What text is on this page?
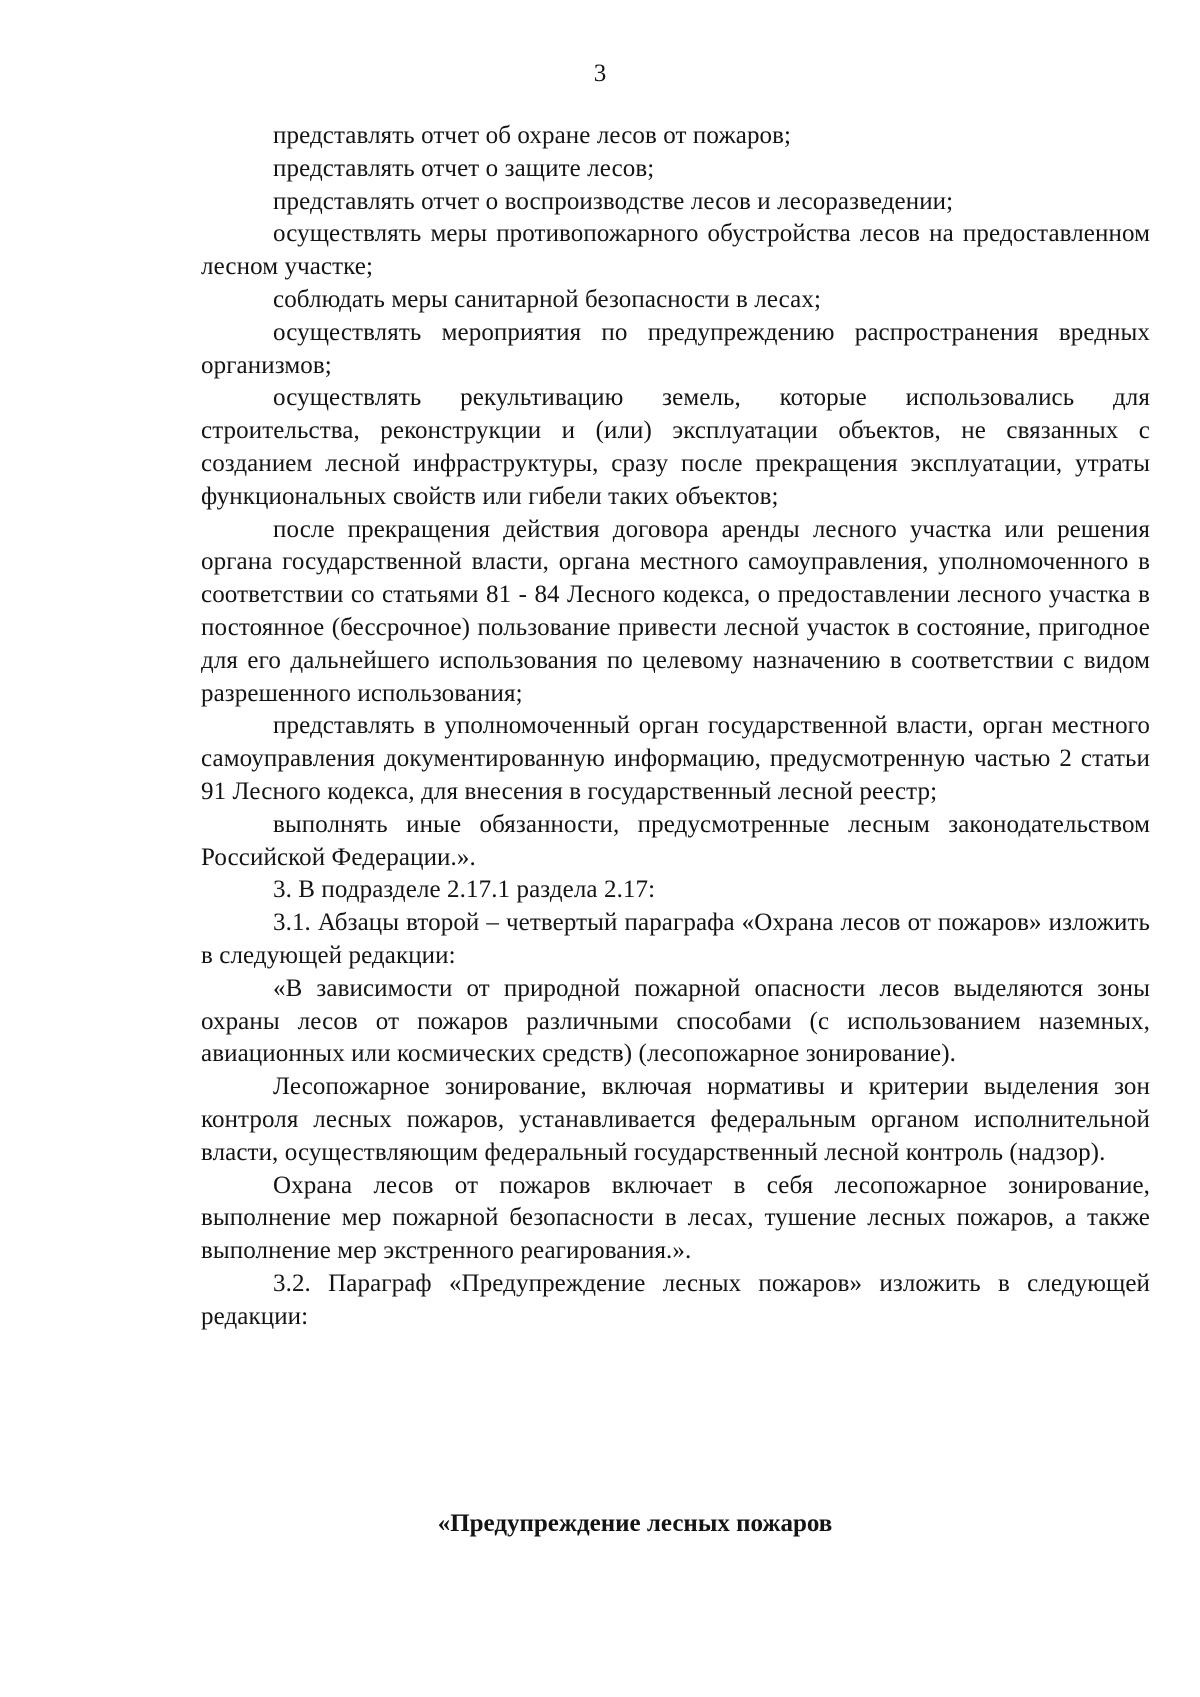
3

представлять отчет об охране лесов от пожаров;

представлять отчет о защите лесов;

представлять отчет о воспроизводстве лесов и лесоразведении;

осуществлять меры противопожарного обустройства лесов на предоставленном лесном участке;

соблюдать меры санитарной безопасности в лесах;

осуществлять мероприятия по предупреждению распространения вредных организмов;

осуществлять рекультивацию земель, которые использовались для строительства, реконструкции и (или) эксплуатации объектов, не связанных с созданием лесной инфраструктуры, сразу после прекращения эксплуатации, утраты функциональных свойств или гибели таких объектов;

после прекращения действия договора аренды лесного участка или решения органа государственной власти, органа местного самоуправления, уполномоченного в соответствии со статьями 81 - 84 Лесного кодекса, о предоставлении лесного участка в постоянное (бессрочное) пользование привести лесной участок в состояние, пригодное для его дальнейшего использования по целевому назначению в соответствии с видом разрешенного использования;

представлять в уполномоченный орган государственной власти, орган местного самоуправления документированную информацию, предусмотренную частью 2 статьи 91 Лесного кодекса, для внесения в государственный лесной реестр;

выполнять иные обязанности, предусмотренные лесным законодательством Российской Федерации.».

3. В подразделе 2.17.1 раздела 2.17:

3.1. Абзацы второй – четвертый параграфа «Охрана лесов от пожаров» изложить в следующей редакции:

«В зависимости от природной пожарной опасности лесов выделяются зоны охраны лесов от пожаров различными способами (с использованием наземных, авиационных или космических средств) (лесопожарное зонирование).

Лесопожарное зонирование, включая нормативы и критерии выделения зон контроля лесных пожаров, устанавливается федеральным органом исполнительной власти, осуществляющим федеральный государственный лесной контроль (надзор).

Охрана лесов от пожаров включает в себя лесопожарное зонирование, выполнение мер пожарной безопасности в лесах, тушение лесных пожаров, а также выполнение мер экстренного реагирования.».

3.2. Параграф «Предупреждение лесных пожаров» изложить в следующей редакции:

«Предупреждение лесных пожаров
